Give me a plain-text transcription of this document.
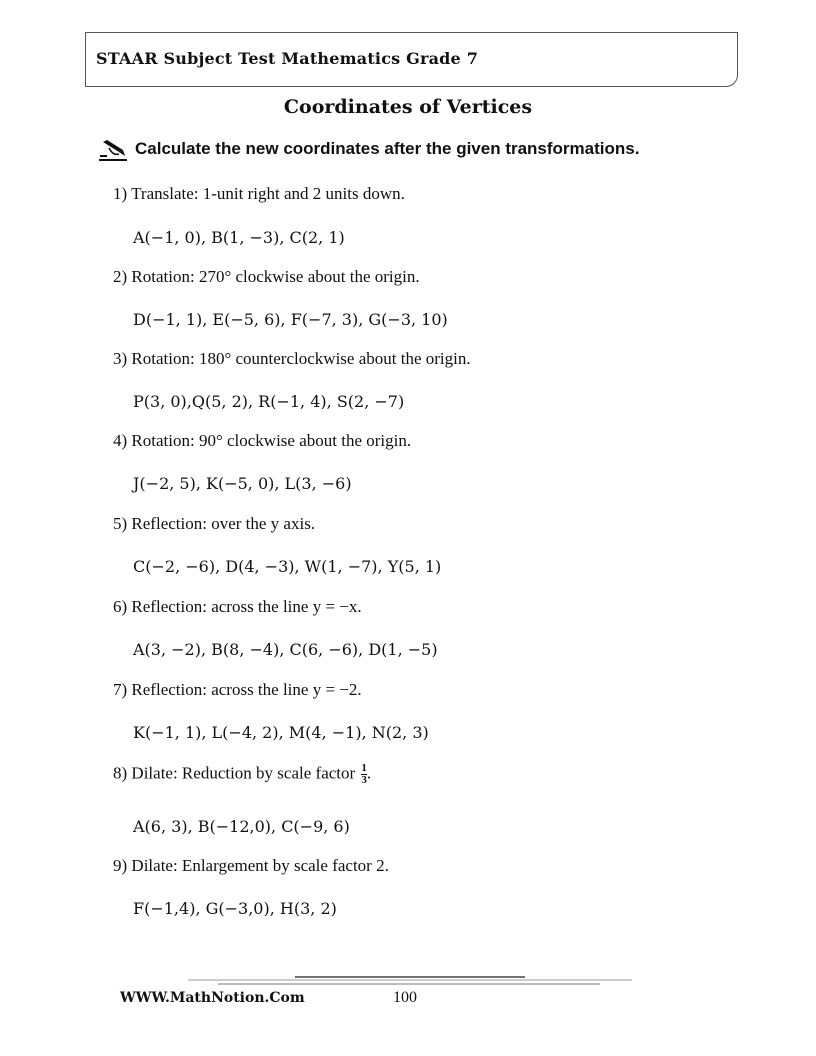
STAAR Subject Test Mathematics Grade 7
Coordinates of Vertices
Calculate the new coordinates after the given transformations.
1) Translate: 1-unit right and 2 units down.
A(−1, 0), B(1, −3), C(2, 1)
2) Rotation: 270° clockwise about the origin.
D(−1, 1), E(−5, 6), F(−7, 3), G(−3, 10)
3) Rotation: 180° counterclockwise about the origin.
P(3, 0),Q(5, 2), R(−1, 4), S(2, −7)
4) Rotation: 90° clockwise about the origin.
J(−2, 5), K(−5, 0), L(3, −6)
5) Reflection: over the y axis.
C(−2, −6), D(4, −3), W(1, −7), Y(5, 1)
6) Reflection: across the line y = −x.
A(3, −2), B(8, −4), C(6, −6), D(1, −5)
7) Reflection: across the line y = −2.
K(−1, 1), L(−4, 2), M(4, −1), N(2, 3)
8) Dilate: Reduction by scale factor $\frac{1}{3}$ .
A(6, 3), B(−12,0), C(−9, 6)
9) Dilate: Enlargement by scale factor 2.
F(−1,4), G(−3,0), H(3, 2)
WWW.MathNotion.Com	100
